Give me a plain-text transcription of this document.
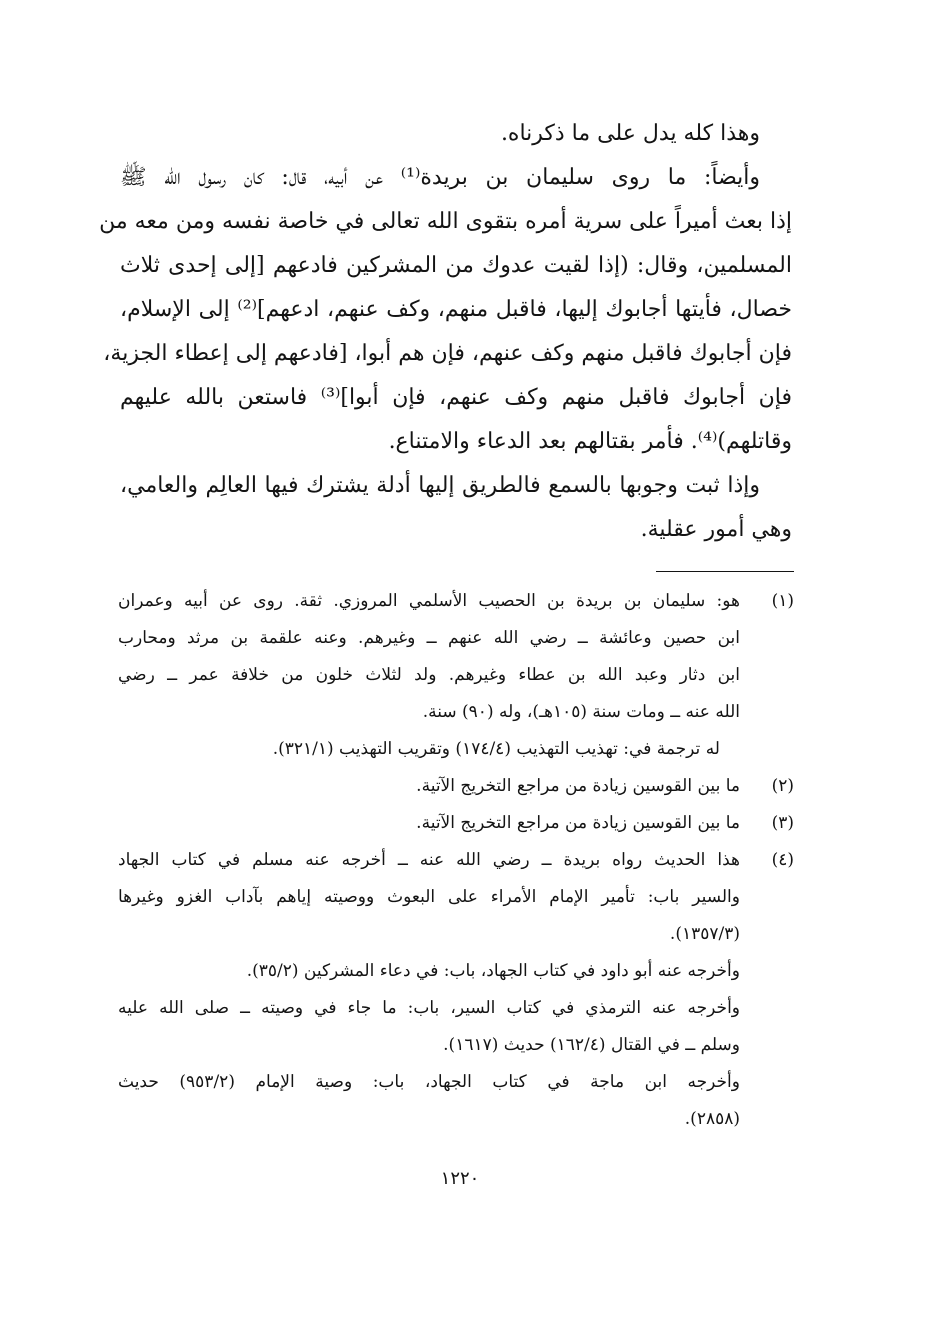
وهذا كله يدل على ما ذكرناه.
وأيضاً: ما روى سليمان بن بريدة⁽¹⁾ عن أبيه، قال: كان رسول الله ﷺ
إذا بعث أميراً على سرية أمره بتقوى الله تعالى في خاصة نفسه ومن معه من
المسلمين، وقال: (إذا لقيت عدوك من المشركين فادعهم [إلى إحدى ثلاث
خصال، فأيتها أجابوك إليها، فاقبل منهم، وكف عنهم، ادعهم]⁽²⁾ إلى الإسلام،
فإن أجابوك فاقبل منهم وكف عنهم، فإن هم أبوا، [فادعهم إلى إعطاء الجزية،
فإن أجابوك فاقبل منهم وكف عنهم، فإن أبوا]⁽³⁾ فاستعن بالله عليهم
وقاتلهم)⁽⁴⁾. فأمر بقتالهم بعد الدعاء والامتناع.
وإذا ثبت وجوبها بالسمع فالطريق إليها أدلة يشترك فيها العالِم والعامي،
وهي أمور عقلية.
(١)
هو: سليمان بن بريدة بن الحصيب الأسلمي المروزي. ثقة. روى عن أبيه وعمران
ابن حصين وعائشة ــ رضي الله عنهم ــ وغيرهم. وعنه علقمة بن مرثد ومحارب
ابن دثار وعبد الله بن عطاء وغيرهم. ولد لثلاث خلون من خلافة عمر ــ رضي
الله عنه ــ ومات سنة (١٠٥هـ)، وله (٩٠) سنة.
له ترجمة في: تهذيب التهذيب (١٧٤/٤) وتقريب التهذيب (٣٢١/١).
(٢)
ما بين القوسين زيادة من مراجع التخريج الآتية.
(٣)
ما بين القوسين زيادة من مراجع التخريج الآتية.
(٤)
هذا الحديث رواه بريدة ــ رضي الله عنه ــ أخرجه عنه مسلم في كتاب الجهاد
والسير باب: تأمير الإمام الأمراء على البعوث ووصيته إياهم بآداب الغزو وغيرها
(١٣٥٧/٣).
وأخرجه عنه أبو داود في كتاب الجهاد، باب: في دعاء المشركين (٣٥/٢).
وأخرجه عنه الترمذي في كتاب السير، باب: ما جاء في وصيته ــ صلى الله عليه
وسلم ــ في القتال (١٦٢/٤) حديث (١٦١٧).
وأخرجه ابن ماجة في كتاب الجهاد، باب: وصية الإمام (٩٥٣/٢) حديث
(٢٨٥٨).
١٢٢٠
